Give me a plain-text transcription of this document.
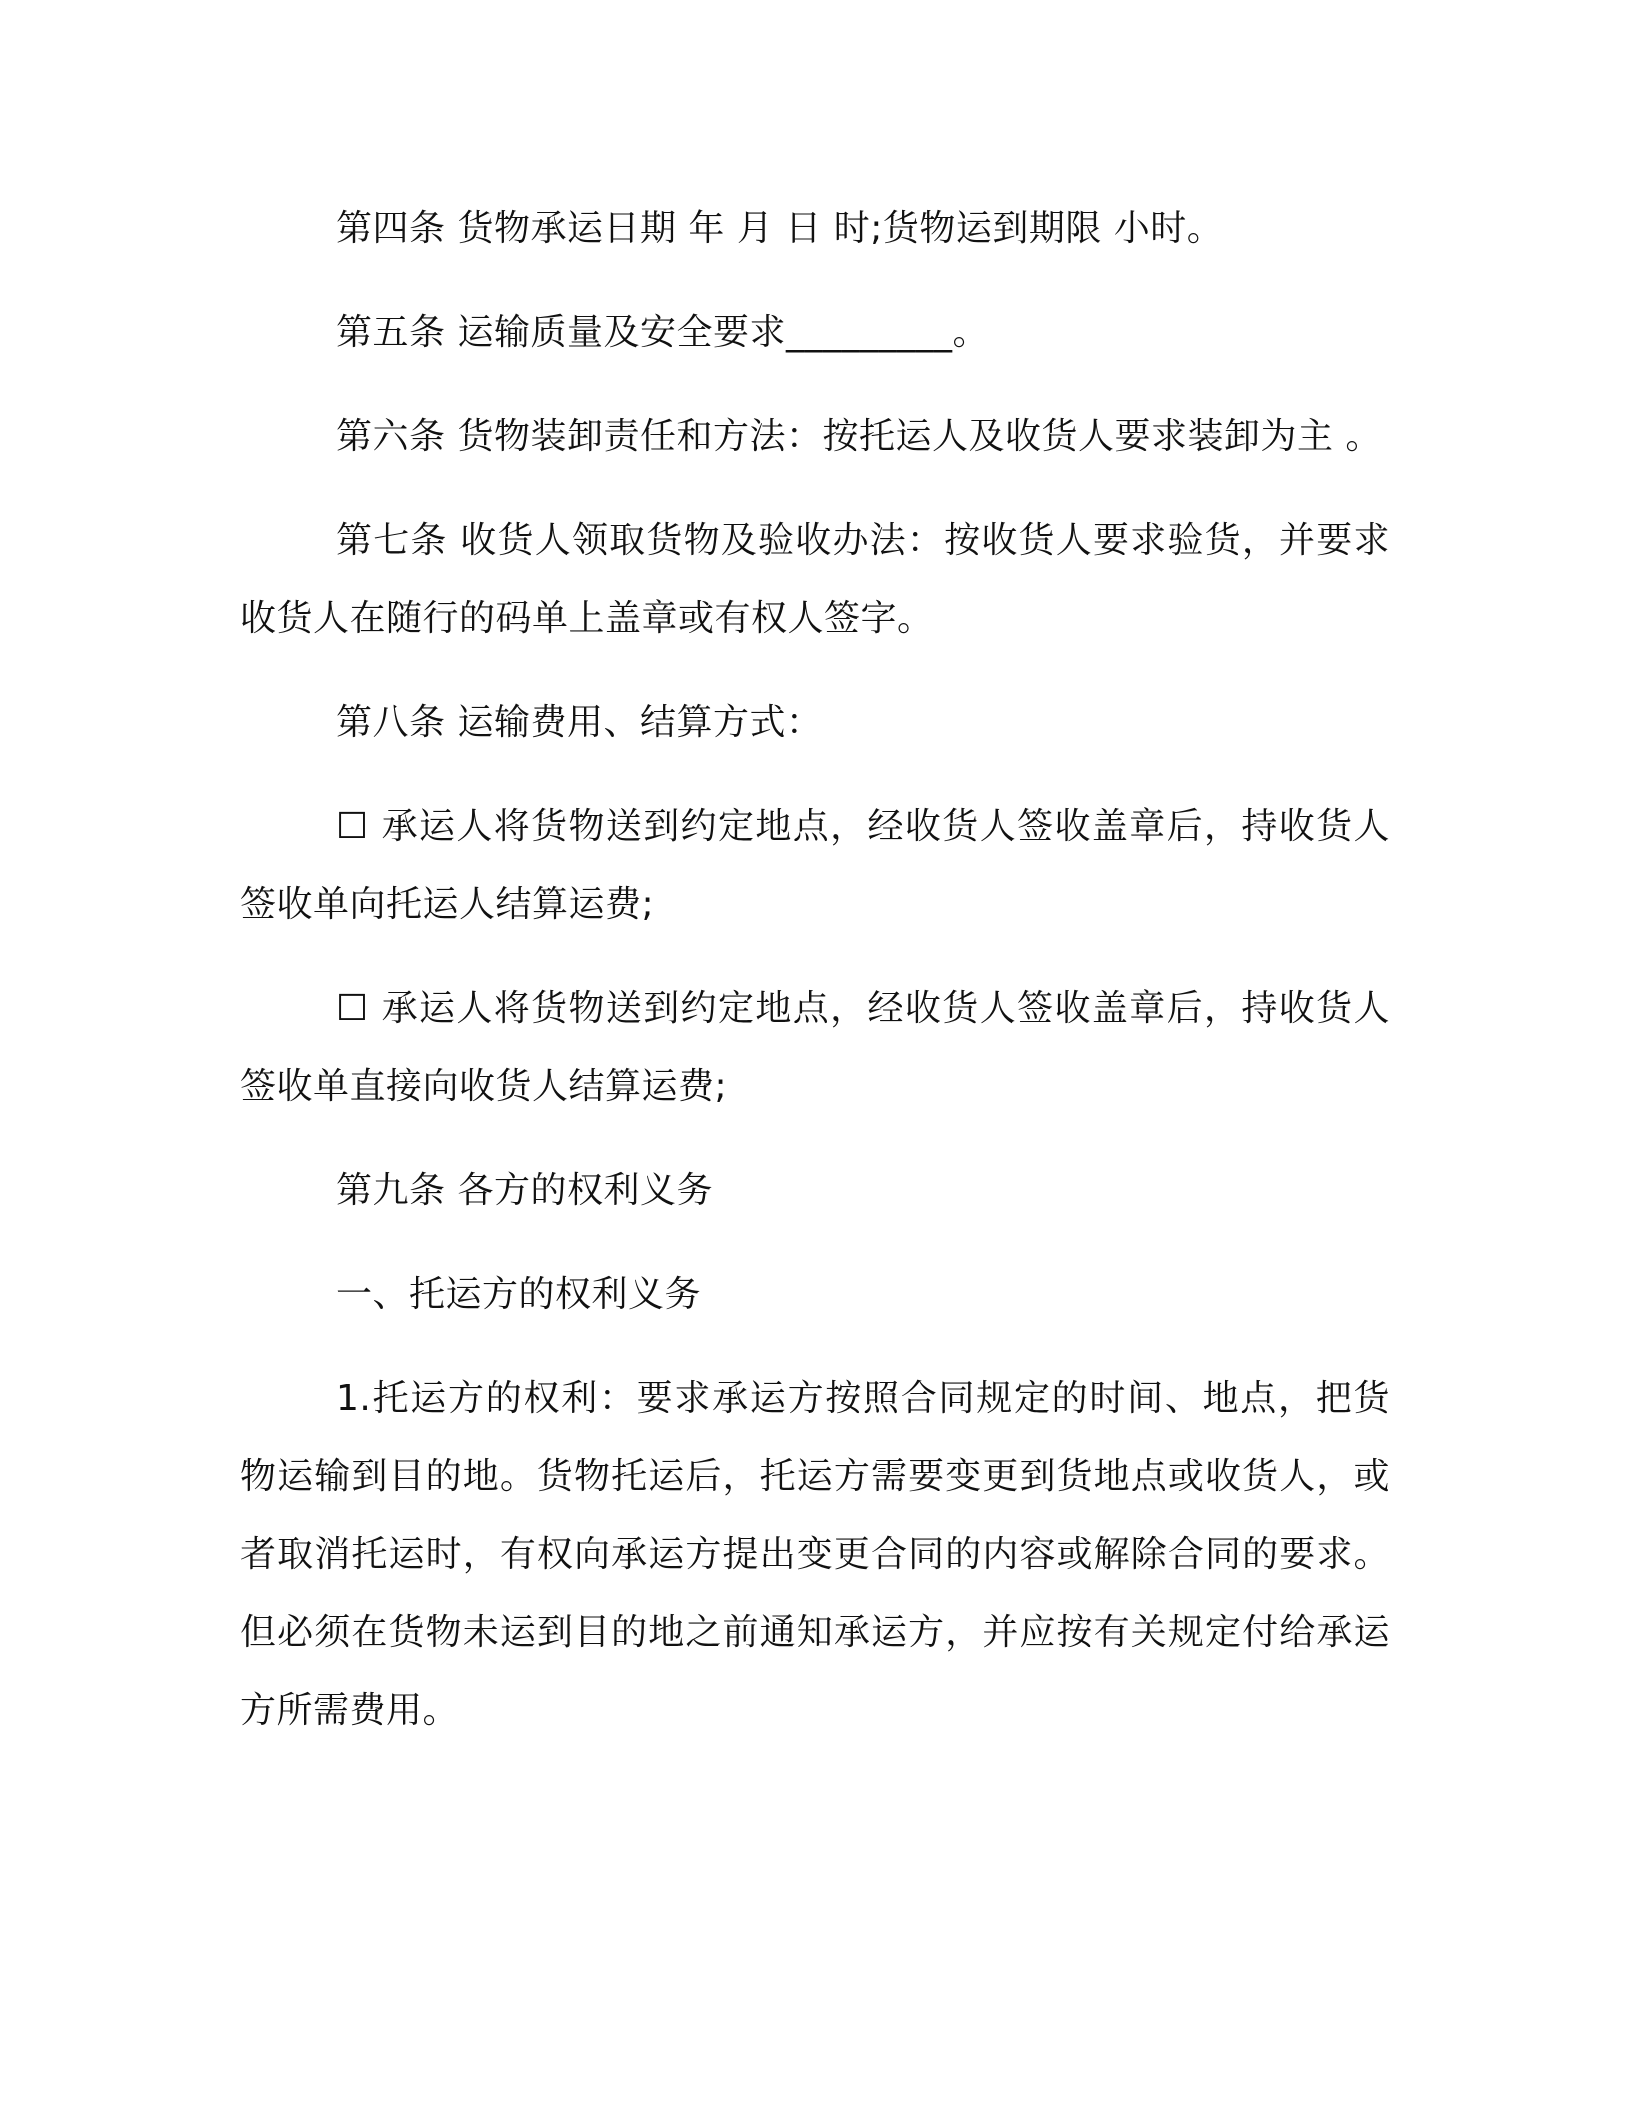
第四条 货物承运日期 年 月 日 时;货物运到期限 小时。

第五条 运输质量及安全要求_________。

第六条 货物装卸责任和方法：按托运人及收货人要求装卸为主 。

第七条 收货人领取货物及验收办法：按收货人要求验货，并要求收货人在随行的码单上盖章或有权人签字。

第八条 运输费用、结算方式：

☐ 承运人将货物送到约定地点，经收货人签收盖章后，持收货人签收单向托运人结算运费;

☐ 承运人将货物送到约定地点，经收货人签收盖章后，持收货人签收单直接向收货人结算运费;

第九条 各方的权利义务

一、托运方的权利义务

1.托运方的权利：要求承运方按照合同规定的时间、地点，把货物运输到目的地。货物托运后，托运方需要变更到货地点或收货人，或者取消托运时，有权向承运方提出变更合同的内容或解除合同的要求。但必须在货物未运到目的地之前通知承运方，并应按有关规定付给承运方所需费用。
